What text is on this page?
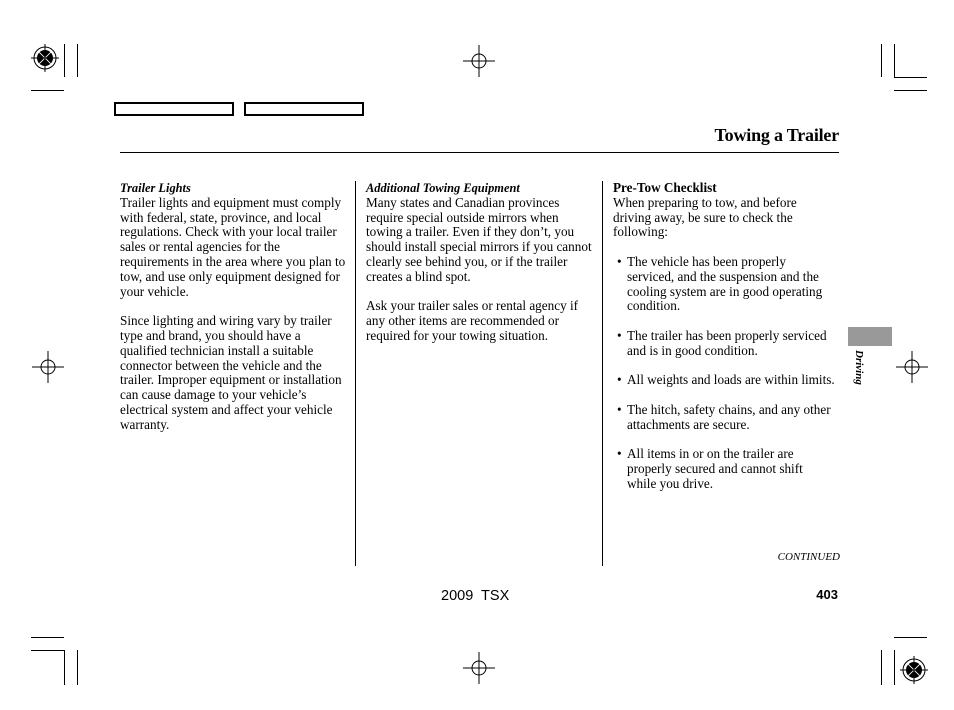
Towing a Trailer

Trailer Lights

Trailer lights and equipment must comply with federal, state, province, and local regulations. Check with your local trailer sales or rental agencies for the requirements in the area where you plan to tow, and use only equipment designed for your vehicle.

Since lighting and wiring vary by trailer type and brand, you should have a qualified technician install a suitable connector between the vehicle and the trailer. Improper equipment or installation can cause damage to your vehicle’s electrical system and affect your vehicle warranty.

Additional Towing Equipment

Many states and Canadian provinces require special outside mirrors when towing a trailer. Even if they don’t, you should install special mirrors if you cannot clearly see behind you, or if the trailer creates a blind spot.

Ask your trailer sales or rental agency if any other items are recommended or required for your towing situation.

Pre-Tow Checklist

When preparing to tow, and before driving away, be sure to check the following:

• The vehicle has been properly serviced, and the suspension and the cooling system are in good operating condition.
• The trailer has been properly serviced and is in good condition.
• All weights and loads are within limits.
• The hitch, safety chains, and any other attachments are secure.
• All items in or on the trailer are properly secured and cannot shift while you drive.
Driving
CONTINUED
2009  TSX	403
